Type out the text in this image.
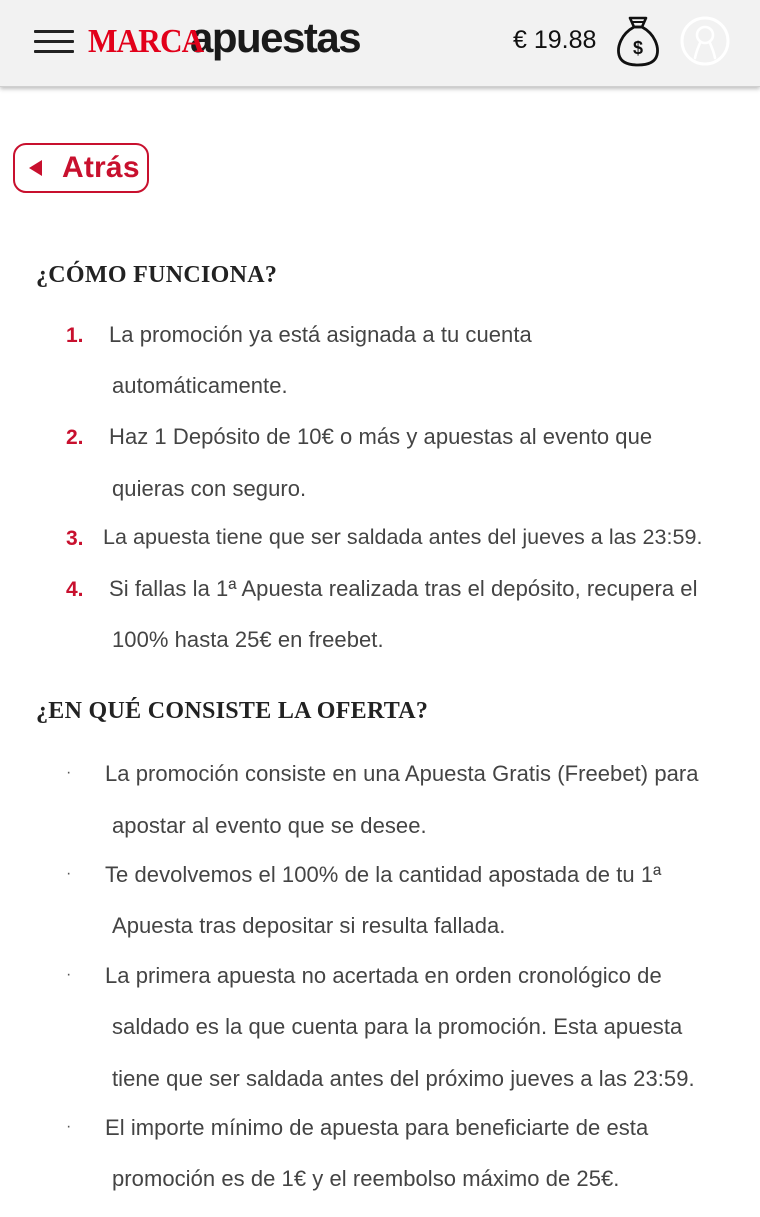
MARCA
apuestas	€ 19.88 $
Atrás
¿CÓMO FUNCIONA?
1. La promoción ya está asignada a tu cuenta
automáticamente.
2. Haz 1 Depósito de 10€ o más y apuestas al evento que
quieras con seguro.
3. La apuesta tiene que ser saldada antes del jueves a las 23:59.
4. Si fallas la 1ª Apuesta realizada tras el depósito, recupera el
100% hasta 25€ en freebet.
¿EN QUÉ CONSISTE LA OFERTA?
· La promoción consiste en una Apuesta Gratis (Freebet) para
apostar al evento que se desee.
· Te devolvemos el 100% de la cantidad apostada de tu 1ª
Apuesta tras depositar si resulta fallada.
· La primera apuesta no acertada en orden cronológico de
saldado es la que cuenta para la promoción. Esta apuesta
tiene que ser saldada antes del próximo jueves a las 23:59.
· El importe mínimo de apuesta para beneficiarte de esta
promoción es de 1€ y el reembolso máximo de 25€.
